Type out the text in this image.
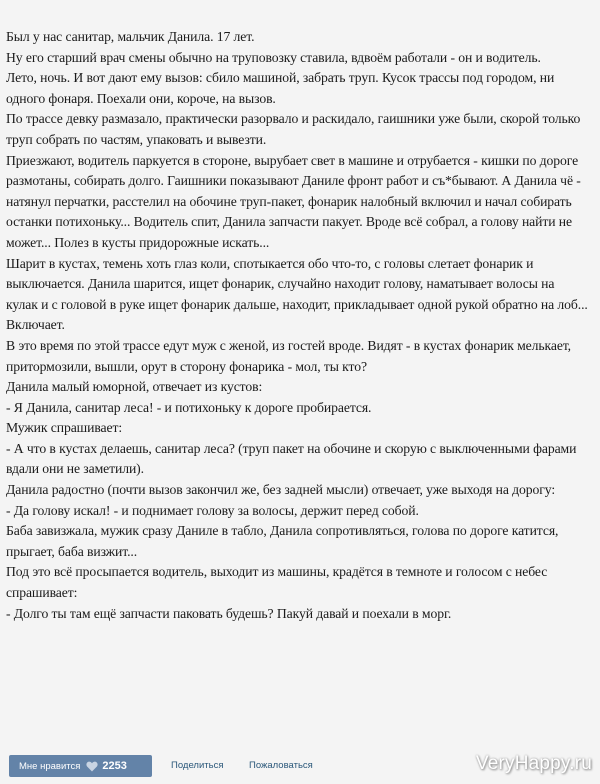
Был у нас санитар, мальчик Данила. 17 лет.

Ну его старший врач смены обычно на труповозку ставила, вдвоём работали - он и водитель.

Лето, ночь. И вот дают ему вызов: сбило машиной, забрать труп. Кусок трассы под городом, ни одного фонаря. Поехали они, короче, на вызов.

По трассе девку размазало, практически разорвало и раскидало, гаишники уже были, скорой только труп собрать по частям, упаковать и вывезти.

Приезжают, водитель паркуется в стороне, вырубает свет в машине и отрубается - кишки по дороге размотаны, собирать долго. Гаишники показывают Даниле фронт работ и съ*бывают. А Данила чё - натянул перчатки, расстелил на обочине труп-пакет, фонарик налобный включил и начал собирать останки потихоньку... Водитель спит, Данила запчасти пакует. Вроде всё собрал, а голову найти не может... Полез в кусты придорожные искать...

Шарит в кустах, темень хоть глаз коли, спотыкается обо что-то, с головы слетает фонарик и выключается. Данила шарится, ищет фонарик, случайно находит голову, наматывает волосы на кулак и с головой в руке ищет фонарик дальше, находит, прикладывает одной рукой обратно на лоб... Включает.

В это время по этой трассе едут муж с женой, из гостей вроде. Видят - в кустах фонарик мелькает, притормозили, вышли, орут в сторону фонарика - мол, ты кто?

Данила малый юморной, отвечает из кустов:

- Я Данила, санитар леса! - и потихоньку к дороге пробирается.

Мужик спрашивает:

- А что в кустах делаешь, санитар леса? (труп пакет на обочине и скорую с выключенными фарами вдали они не заметили).

Данила радостно (почти вызов закончил же, без задней мысли) отвечает, уже выходя на дорогу:

- Да голову искал! - и поднимает голову за волосы, держит перед собой.

Баба завизжала, мужик сразу Даниле в табло, Данила сопротивляться, голова по дороге катится, прыгает, баба визжит...

Под это всё просыпается водитель, выходит из машины, крадётся в темноте и голосом с небес спрашивает:

- Долго ты там ещё запчасти паковать будешь? Пакуй давай и поехали в морг.

Мне нравится 2253	Поделиться	Пожаловаться	VeryHappy.ru
